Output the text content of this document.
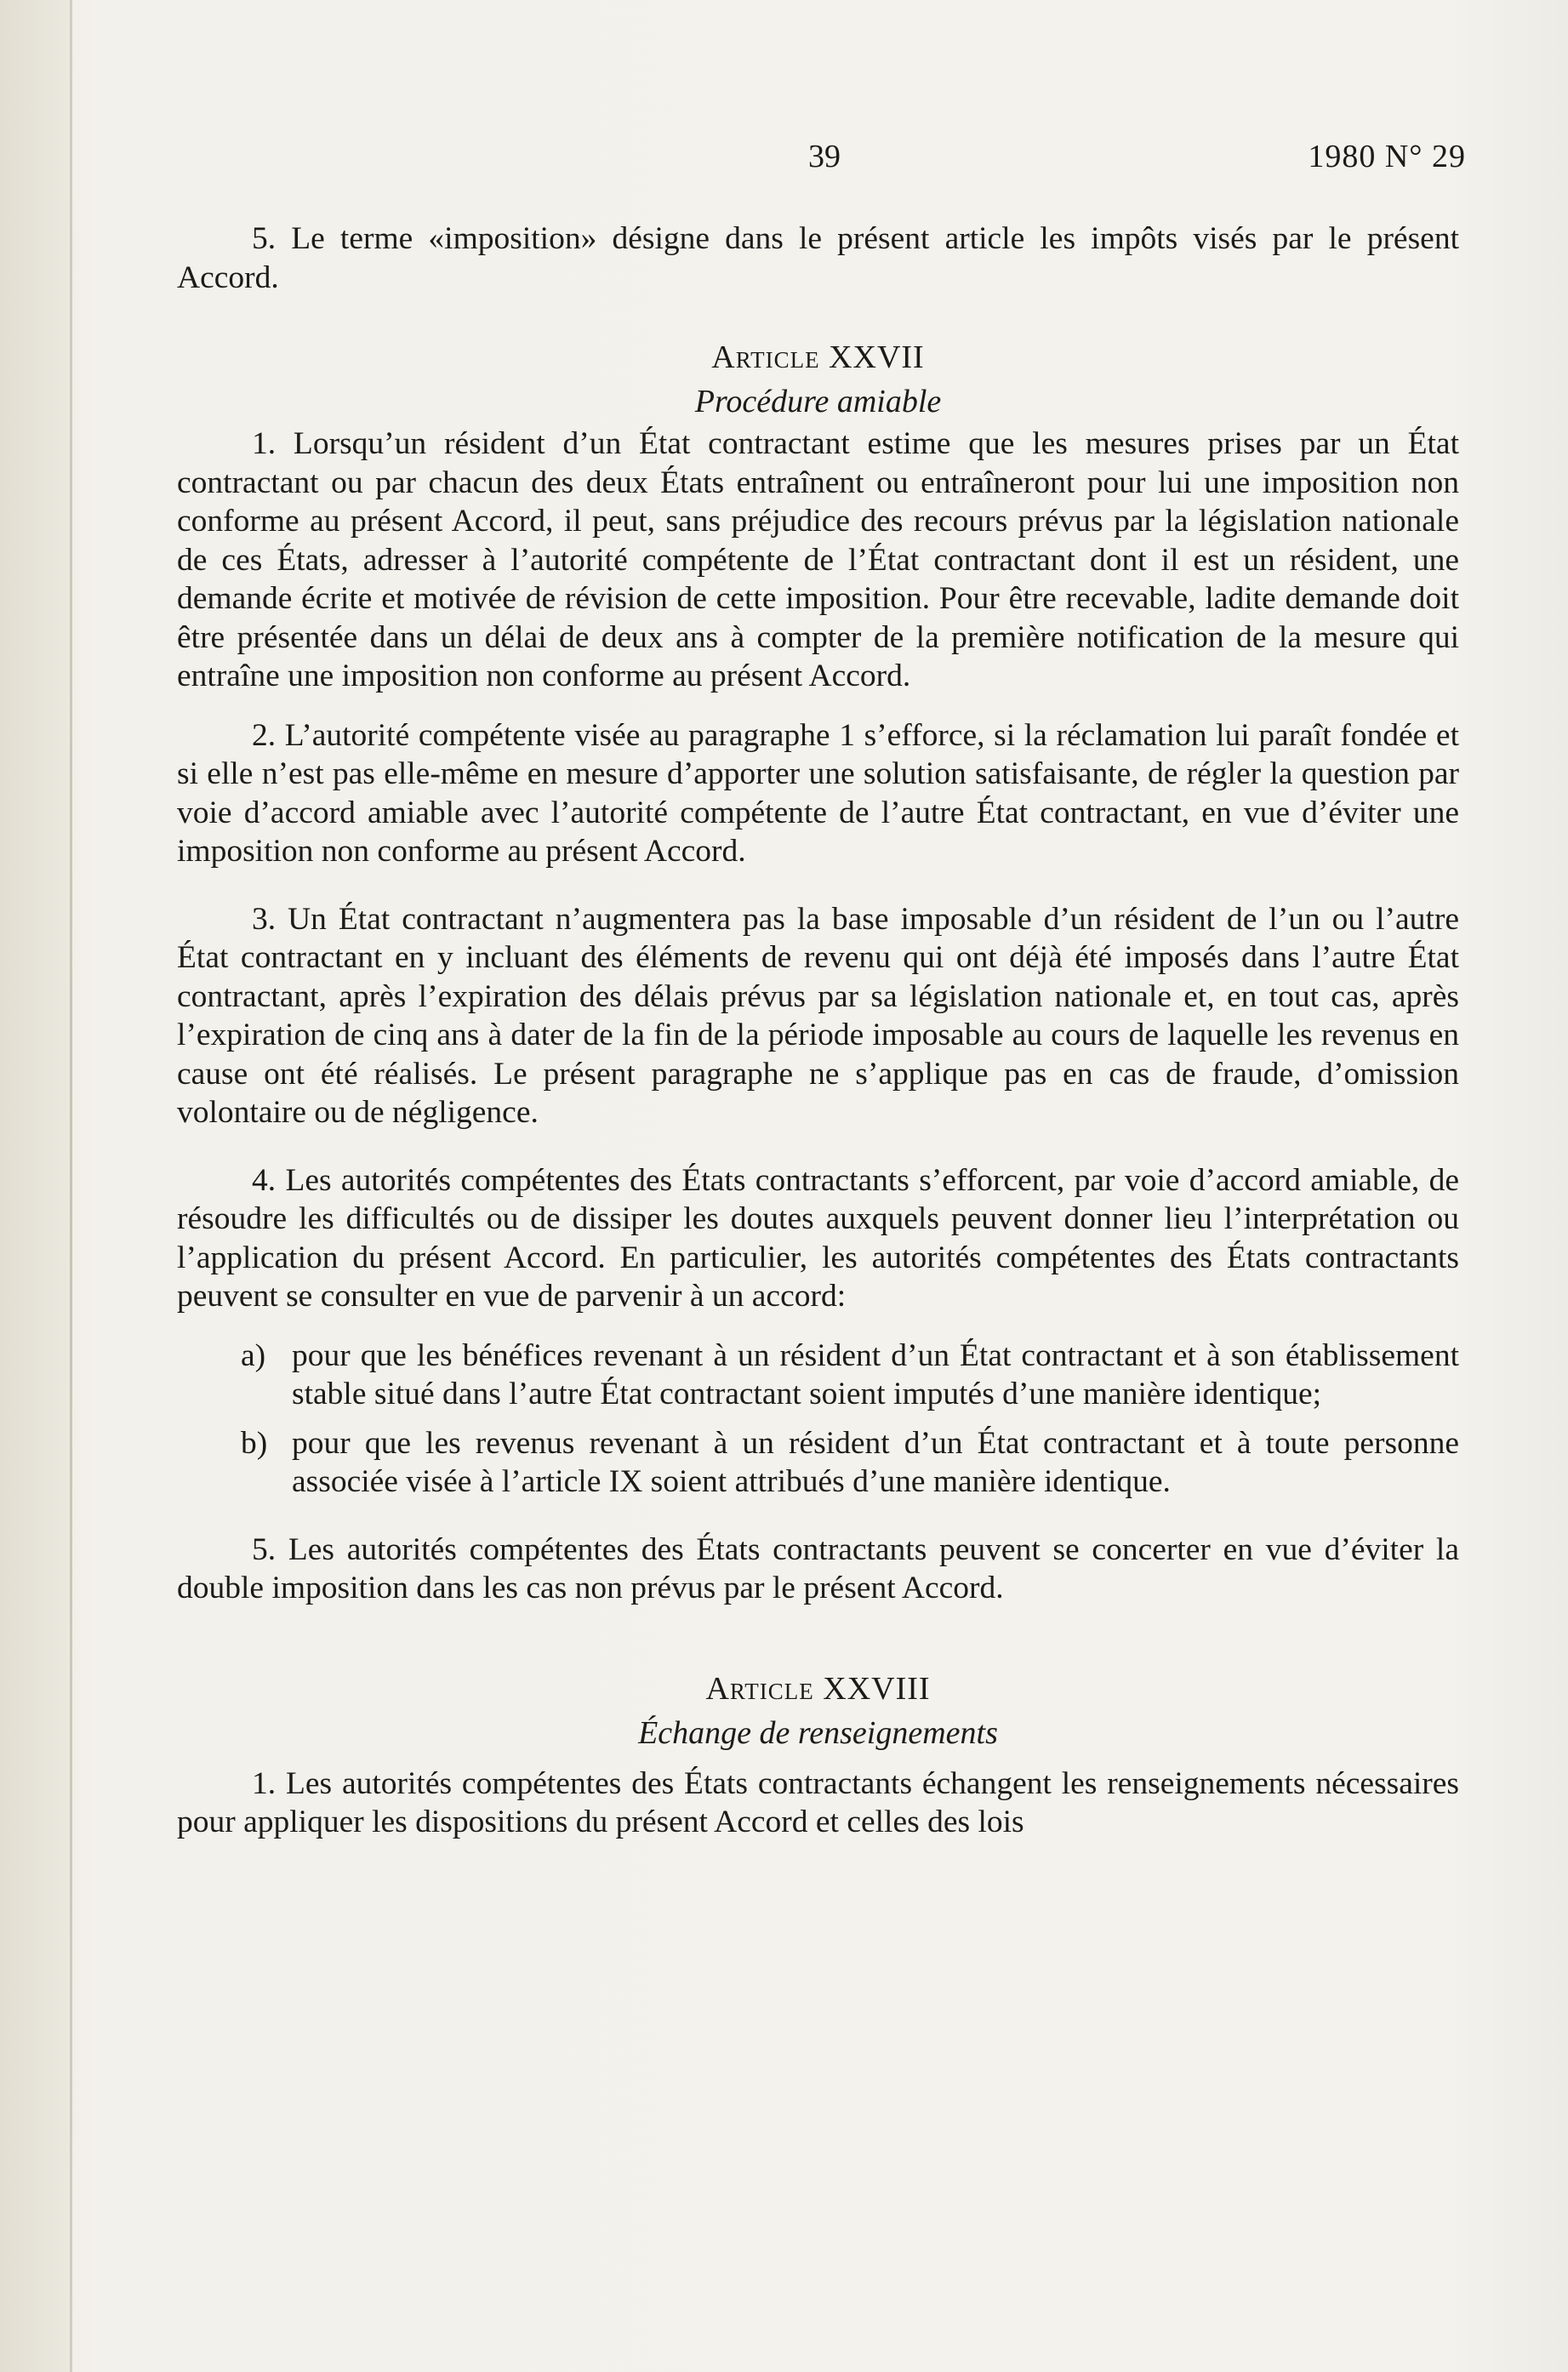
39	1980 N° 29

5. Le terme «imposition» désigne dans le présent article les impôts visés par le présent Accord.

Article XXVII

Procédure amiable

1. Lorsqu’un résident d’un État contractant estime que les mesures prises par un État contractant ou par chacun des deux États entraînent ou entraîneront pour lui une imposition non conforme au présent Accord, il peut, sans préjudice des recours prévus par la législation nationale de ces États, adresser à l’autorité compétente de l’État contractant dont il est un résident, une demande écrite et motivée de révision de cette imposition. Pour être recevable, ladite demande doit être présentée dans un délai de deux ans à compter de la première notification de la mesure qui entraîne une imposition non conforme au présent Accord.

2. L’autorité compétente visée au paragraphe 1 s’efforce, si la réclamation lui paraît fondée et si elle n’est pas elle-même en mesure d’apporter une solution satisfaisante, de régler la question par voie d’accord amiable avec l’autorité compétente de l’autre État contractant, en vue d’éviter une imposition non conforme au présent Accord.

3. Un État contractant n’augmentera pas la base imposable d’un résident de l’un ou l’autre État contractant en y incluant des éléments de revenu qui ont déjà été imposés dans l’autre État contractant, après l’expiration des délais prévus par sa législation nationale et, en tout cas, après l’expiration de cinq ans à dater de la fin de la période imposable au cours de laquelle les revenus en cause ont été réalisés. Le présent paragraphe ne s’applique pas en cas de fraude, d’omission volontaire ou de négligence.

4. Les autorités compétentes des États contractants s’efforcent, par voie d’accord amiable, de résoudre les difficultés ou de dissiper les doutes auxquels peuvent donner lieu l’interprétation ou l’application du présent Accord. En particulier, les autorités compétentes des États contractants peuvent se consulter en vue de parvenir à un accord:

a) pour que les bénéfices revenant à un résident d’un État contractant et à son établissement stable situé dans l’autre État contractant soient imputés d’une manière identique;
b) pour que les revenus revenant à un résident d’un État contractant et à toute personne associée visée à l’article IX soient attribués d’une manière identique.

5. Les autorités compétentes des États contractants peuvent se concerter en vue d’éviter la double imposition dans les cas non prévus par le présent Accord.

Article XXVIII

Échange de renseignements

1. Les autorités compétentes des États contractants échangent les renseignements nécessaires pour appliquer les dispositions du présent Accord et celles des lois
